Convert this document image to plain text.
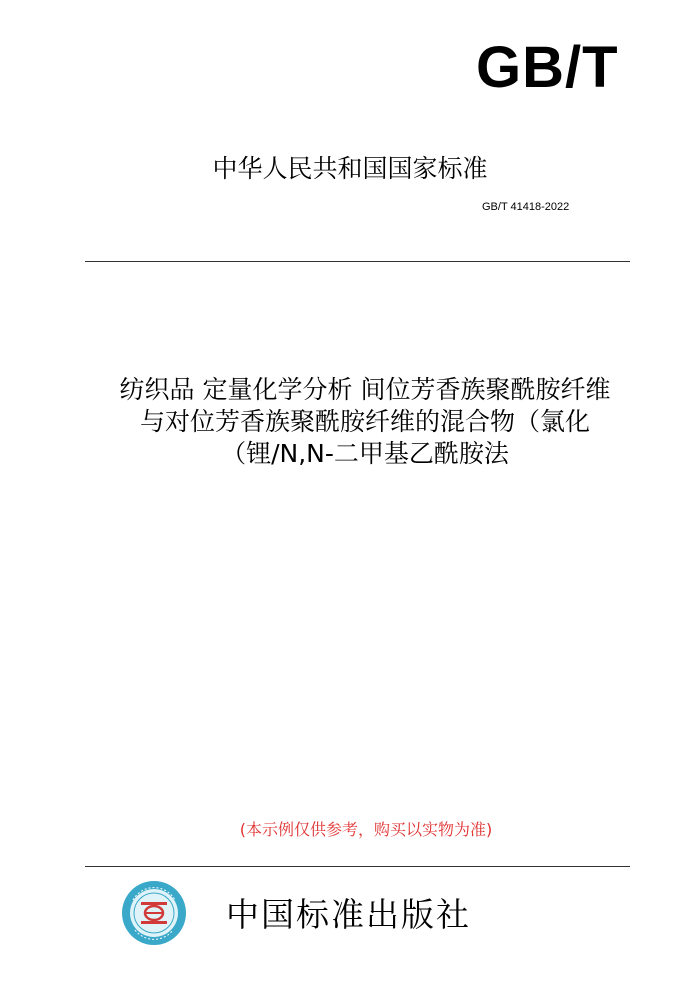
GB/T
中华人民共和国国家标准
GB/T 41418-2022
纺织品 定量化学分析 间位芳香族聚酰胺纤维
与对位芳香族聚酰胺纤维的混合物（氯化
（锂/N,N-二甲基乙酰胺法
(本示例仅供参考，购买以实物为准)
中国标准出版社
